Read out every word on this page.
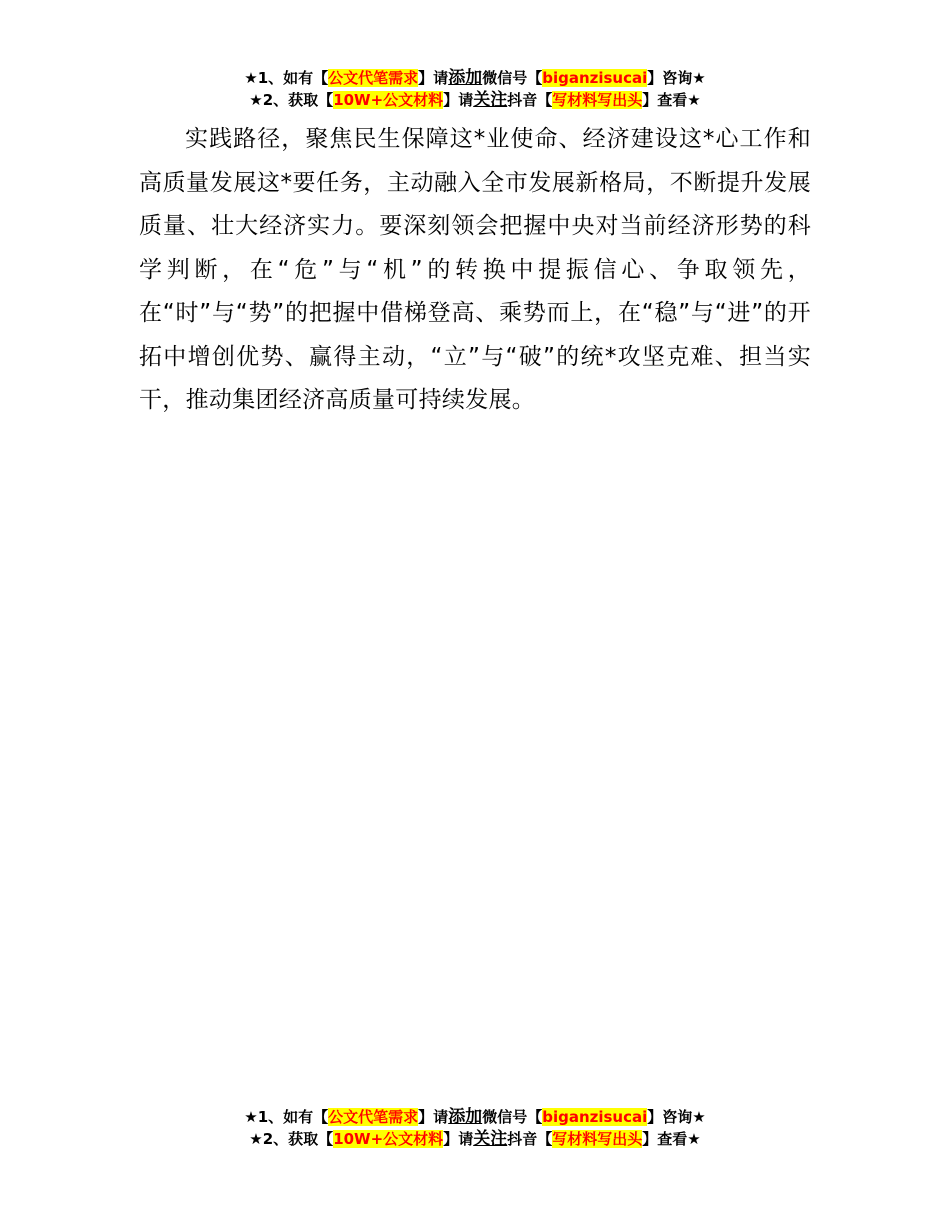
★1、如有【公文代笔需求】请添加微信号【biganzisucai】咨询★
★2、获取【10W+公文材料】请关注抖音【写材料写出头】查看★

实践路径，聚焦民生保障这*业使命、经济建设这*心工作和高质量发展这*要任务，主动融入全市发展新格局，不断提升发展质量、壮大经济实力。要深刻领会把握中央对当前经济形势的科学判断，在“危”与“机”的转换中提振信心、争取领先，在“时”与“势”的把握中借梯登高、乘势而上，在“稳”与“进”的开拓中增创优势、赢得主动，“立”与“破”的统*攻坚克难、担当实干，推动集团经济高质量可持续发展。

★1、如有【公文代笔需求】请添加微信号【biganzisucai】咨询★
★2、获取【10W+公文材料】请关注抖音【写材料写出头】查看★
